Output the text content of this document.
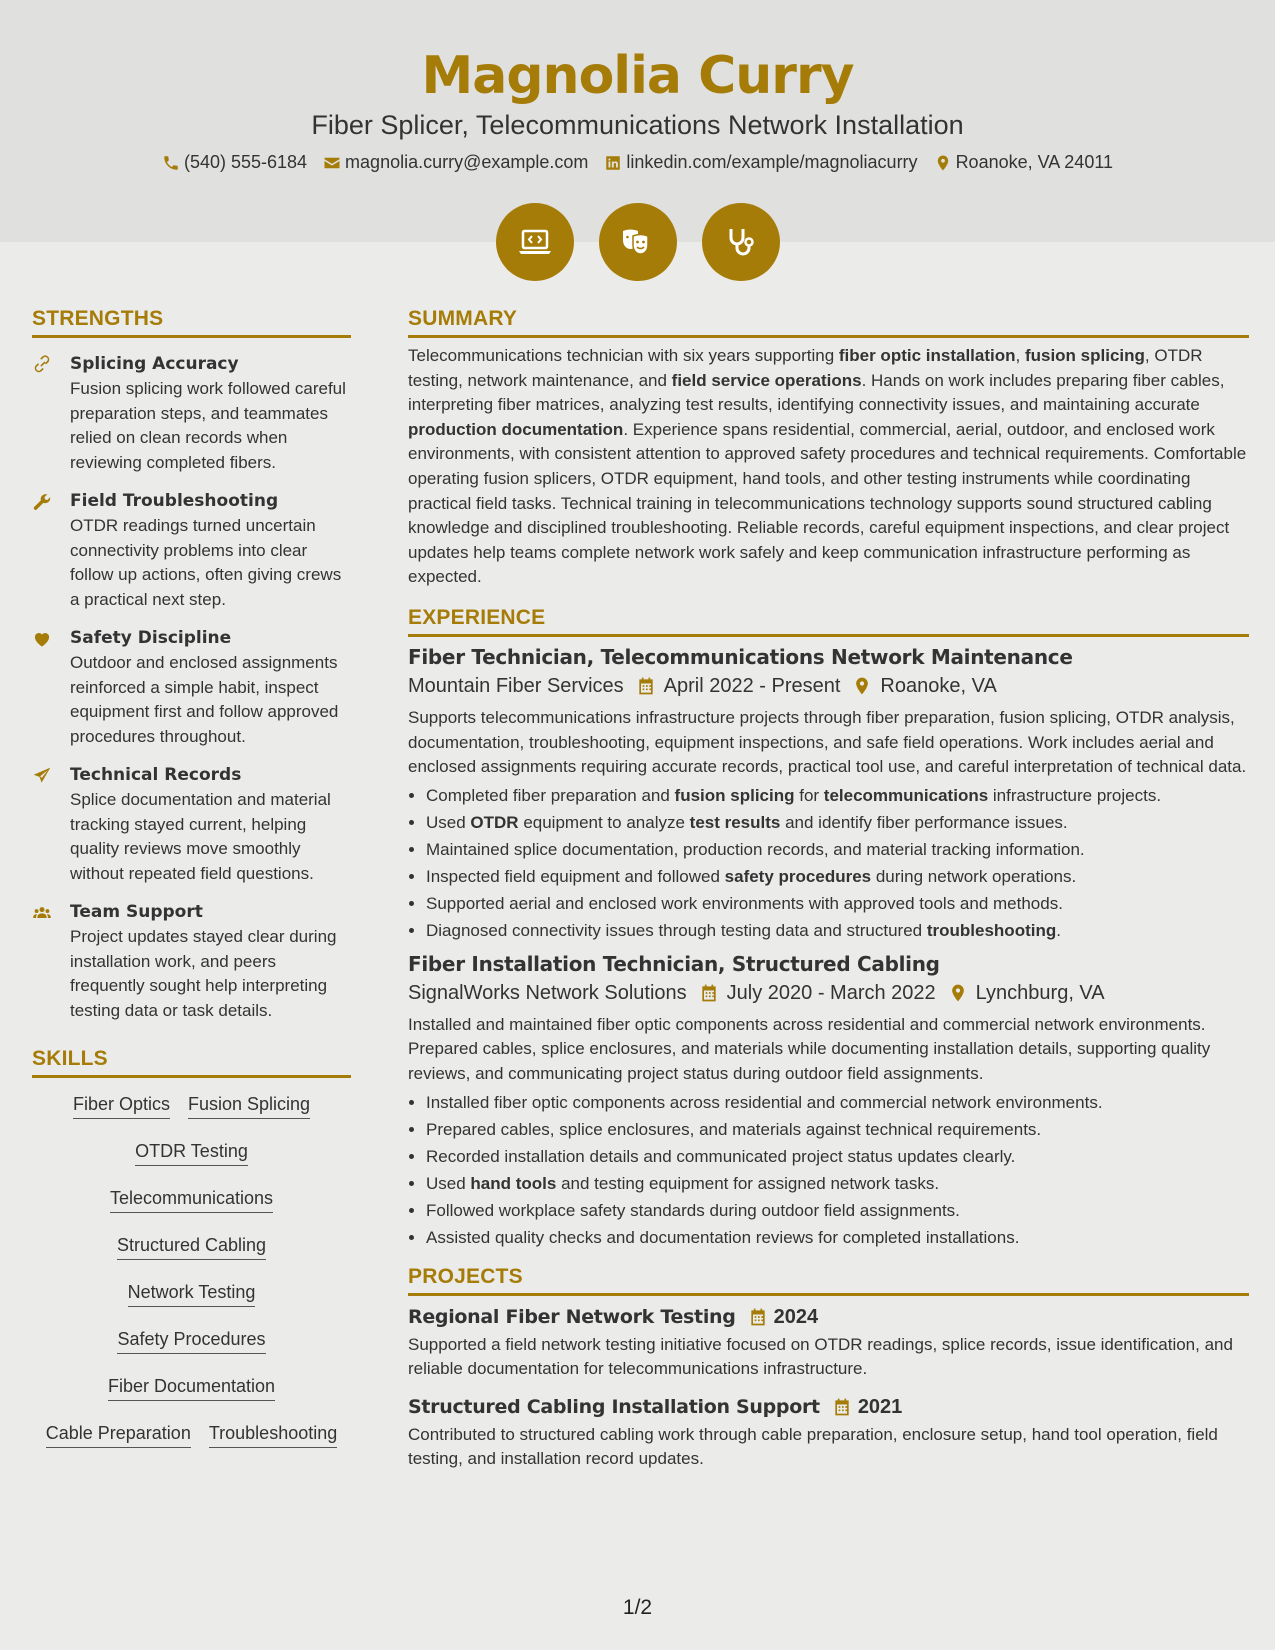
Magnolia Curry
Fiber Splicer, Telecommunications Network Installation
(540) 555-6184 magnolia.curry@example.com linkedin.com/example/magnoliacurry Roanoke, VA 24011
STRENGTHS
Splicing Accuracy
Fusion splicing work followed careful preparation steps, and teammates relied on clean records when reviewing completed fibers.
Field Troubleshooting
OTDR readings turned uncertain connectivity problems into clear follow up actions, often giving crews a practical next step.
Safety Discipline
Outdoor and enclosed assignments reinforced a simple habit, inspect equipment first and follow approved procedures throughout.
Technical Records
Splice documentation and material tracking stayed current, helping quality reviews move smoothly without repeated field questions.
Team Support
Project updates stayed clear during installation work, and peers frequently sought help interpreting testing data or task details.
SKILLS
Fiber Optics Fusion Splicing
OTDR Testing
Telecommunications
Structured Cabling
Network Testing
Safety Procedures
Fiber Documentation
Cable Preparation Troubleshooting
SUMMARY
Telecommunications technician with six years supporting fiber optic installation, fusion splicing, OTDR testing, network maintenance, and field service operations. Hands on work includes preparing fiber cables, interpreting fiber matrices, analyzing test results, identifying connectivity issues, and maintaining accurate production documentation. Experience spans residential, commercial, aerial, outdoor, and enclosed work environments, with consistent attention to approved safety procedures and technical requirements. Comfortable operating fusion splicers, OTDR equipment, hand tools, and other testing instruments while coordinating practical field tasks. Technical training in telecommunications technology supports sound structured cabling knowledge and disciplined troubleshooting. Reliable records, careful equipment inspections, and clear project updates help teams complete network work safely and keep communication infrastructure performing as expected.
EXPERIENCE
Fiber Technician, Telecommunications Network Maintenance
Mountain Fiber Services April 2022 - Present Roanoke, VA
Supports telecommunications infrastructure projects through fiber preparation, fusion splicing, OTDR analysis, documentation, troubleshooting, equipment inspections, and safe field operations. Work includes aerial and enclosed assignments requiring accurate records, practical tool use, and careful interpretation of technical data.
• Completed fiber preparation and fusion splicing for telecommunications infrastructure projects.
• Used OTDR equipment to analyze test results and identify fiber performance issues.
• Maintained splice documentation, production records, and material tracking information.
• Inspected field equipment and followed safety procedures during network operations.
• Supported aerial and enclosed work environments with approved tools and methods.
• Diagnosed connectivity issues through testing data and structured troubleshooting.
Fiber Installation Technician, Structured Cabling
SignalWorks Network Solutions July 2020 - March 2022 Lynchburg, VA
Installed and maintained fiber optic components across residential and commercial network environments. Prepared cables, splice enclosures, and materials while documenting installation details, supporting quality reviews, and communicating project status during outdoor field assignments.
• Installed fiber optic components across residential and commercial network environments.
• Prepared cables, splice enclosures, and materials against technical requirements.
• Recorded installation details and communicated project status updates clearly.
• Used hand tools and testing equipment for assigned network tasks.
• Followed workplace safety standards during outdoor field assignments.
• Assisted quality checks and documentation reviews for completed installations.
PROJECTS
Regional Fiber Network Testing 2024
Supported a field network testing initiative focused on OTDR readings, splice records, issue identification, and reliable documentation for telecommunications infrastructure.
Structured Cabling Installation Support 2021
Contributed to structured cabling work through cable preparation, enclosure setup, hand tool operation, field testing, and installation record updates.
1/2
